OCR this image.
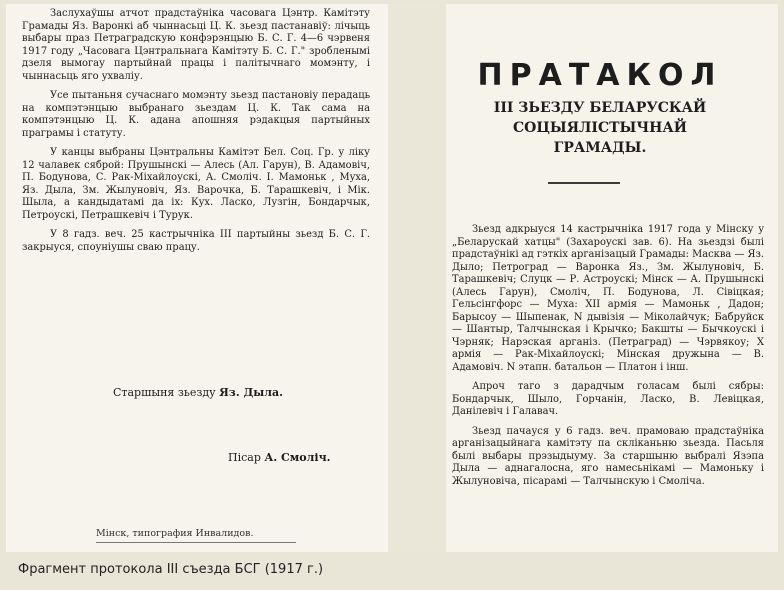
Заслухаўшы атчот прадстаўніка часовага Цэнтр. Камітэту Грамады Яз. Варонкі аб чыннасьці Ц. К. зьезд пастанавіў: лічыць выбары праз Петраградскую конфэрэнцыю Б. С. Г. 4—6 чэрвеня 1917 году „Часовага Цэнтральнага Камітэту Б. С. Г." зробленымі дзеля вымогау партыйнай працы і палітычнаго момэнту, і чыннасьць яго ухваліу.

Усе пытаньня сучаснаго момэнту зьезд пастановіу перадаць на компэтэнцыю выбранаго зьездам Ц. К. Так сама на компэтэнцыю Ц. К. адана апошняя рэдакцыя партыйных праграмы і статуту.

У канцы выбраны Цэнтральны Камітэт Бел. Соц. Гр. у ліку 12 чалавек сяброй: Прушынскі — Алесь (Ал. Гарун), В. Адамовіч, П. Бодунова, С. Рак-Міхайлоускі, А. Смоліч. І. Мамоньк , Муха, Яз. Дыла, Зм. Жылуновіч, Яз. Варочка, Б. Тарашкевіч, і Мік. Шыла, а кандыдатамі да іх: Кух. Ласко, Лузгін, Бондарчык, Петроускі, Петрашкевіч і Турук.

У 8 гадз. веч. 25 кастрычніка III партыйны зьезд Б. С. Г. закрыуся, споуніушы сваю працу.

Старшыня зьезду Яз. Дыла.
Пісар А. Смоліч.
Мінск, типография Инвалидов.
ПРАТАКОЛ
III ЗЬЕЗДУ БЕЛАРУСКАЙ СОЦЫЯЛІСТЫЧНАЙ
ГРАМАДЫ.

Зьезд адкрыуся 14 кастрычніка 1917 года у Мінску у „Беларускай хатцы" (Захароускі зав. 6). На зьездзі былі прадстаўнікі ад гэткіх арганізацый Грамады: Масква — Яз. Дыло; Петроград — Варонка Яз., Зм. Жылуновіч, Б. Тарашкевіч; Слуцк — Р. Астроускі; Мінск — А. Прушынскі (Алесь Гарун), Смоліч, П. Бодунова, Л. Сівіцкая; Гельсінгфорс — Муха: XII армія — Мамоньк , Дадон; Барысоу — Шыпенак, N дывізія — Міколайчук; Бабруйск — Шантыр, Талчынская і Крычко; Бакшты — Бычкоускі і Чэрняк; Нарэская арганіз. (Петраград) — Чэрвякоу; Х армія — Рак-Міхайлоускі; Мінская дружына — В. Адамовіч. N этапн. батальон — Платон і інш.

Апроч таго з дарадчым голасам былі сябры: Бондарчык, Шыло, Горчанін, Ласко, В. Левіцкая, Данілевіч і Галавач.

Зьезд пачауся у 6 гадз. веч. прамоваю прадстаўніка арганізацыйнага камітэту па скліканьню зьезда. Пасьля былі выбары прэзыдыуму. За старшыню выбралі Язэпа Дыла — аднагалосна, яго намесьнікамі — Мамоньку і Жылуновіча, пісарамі — Талчынскую і Смоліча.

Фрагмент протокола III съезда БСГ (1917 г.)
